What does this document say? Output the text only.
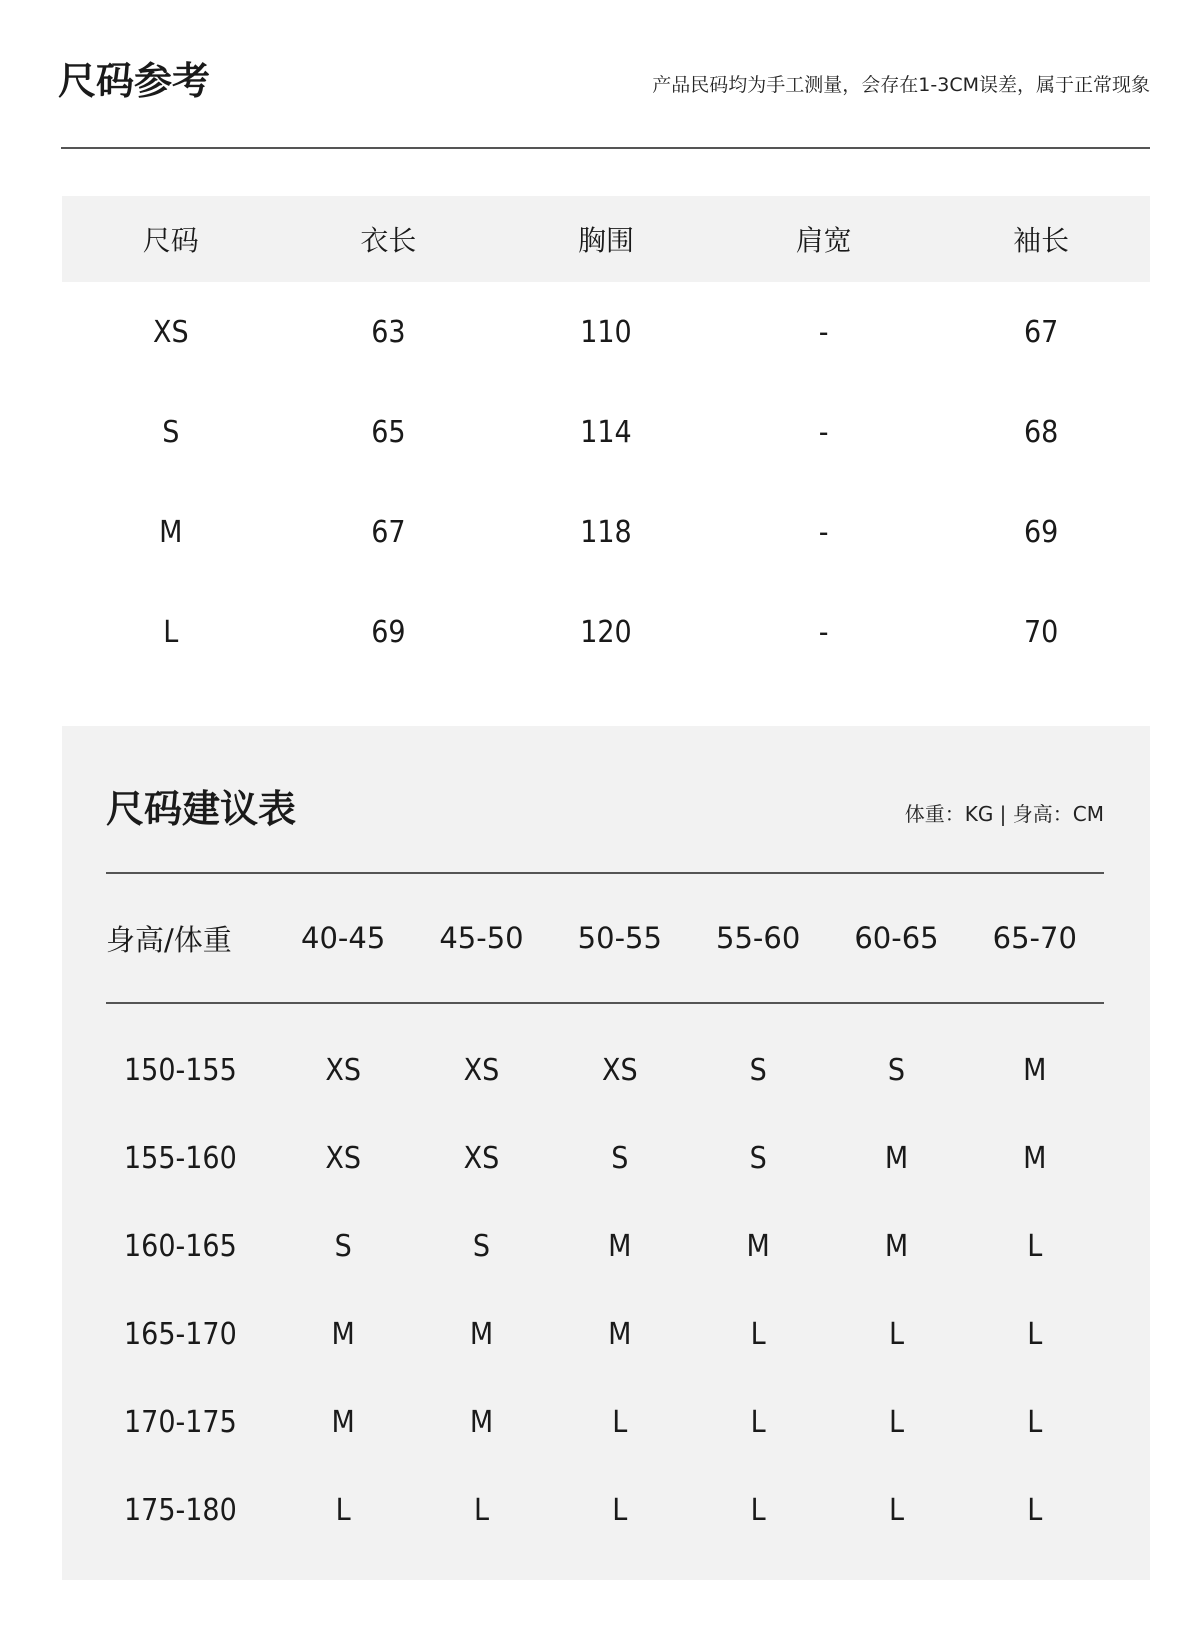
尺码参考	产品民码均为手工测量，会存在1-3CM误差，属于正常现象
尺码	衣长	胸围	肩宽	袖长
XS	63	110	-	67
S	65	114	-	68
M	67	118	-	69
L	69	120	-	70
尺码建议表	体重：KG | 身高：CM
身高/体重	40-45	45-50	50-55	55-60	60-65	65-70
150-155	XS	XS	XS	S	S	M
155-160	XS	XS	S	S	M	M
160-165	S	S	M	M	M	L
165-170	M	M	M	L	L	L
170-175	M	M	L	L	L	L
175-180	L	L	L	L	L	L
